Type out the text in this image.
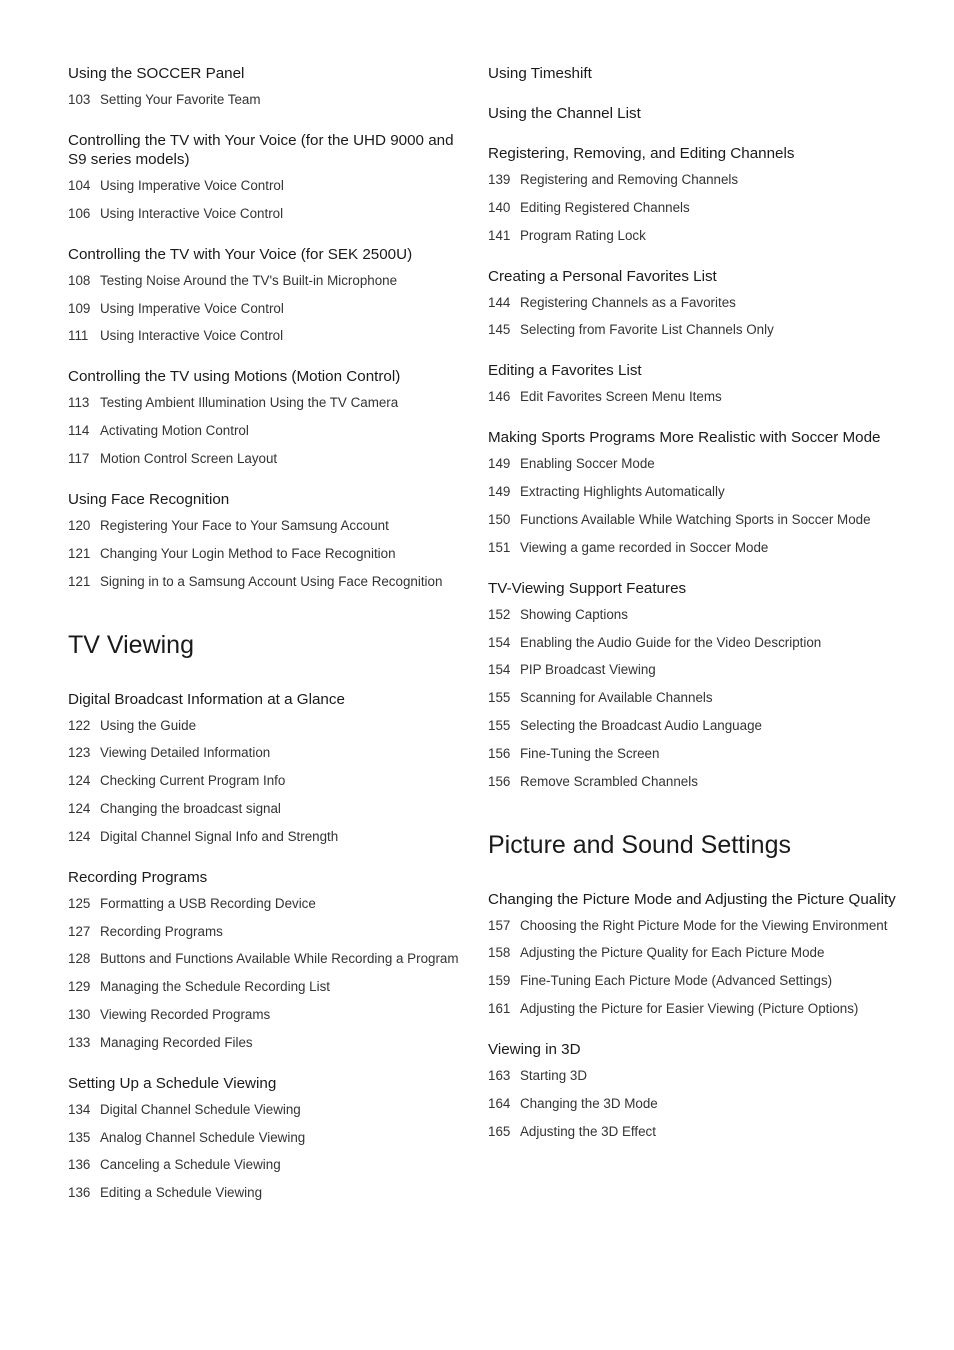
Using the SOCCER Panel
103 Setting Your Favorite Team
Controlling the TV with Your Voice (for the UHD 9000 and S9 series models)
104 Using Imperative Voice Control
106 Using Interactive Voice Control
Controlling the TV with Your Voice (for SEK 2500U)
108 Testing Noise Around the TV's Built-in Microphone
109 Using Imperative Voice Control
111 Using Interactive Voice Control
Controlling the TV using Motions (Motion Control)
113 Testing Ambient Illumination Using the TV Camera
114 Activating Motion Control
117 Motion Control Screen Layout
Using Face Recognition
120 Registering Your Face to Your Samsung Account
121 Changing Your Login Method to Face Recognition
121 Signing in to a Samsung Account Using Face Recognition
TV Viewing
Digital Broadcast Information at a Glance
122 Using the Guide
123 Viewing Detailed Information
124 Checking Current Program Info
124 Changing the broadcast signal
124 Digital Channel Signal Info and Strength
Recording Programs
125 Formatting a USB Recording Device
127 Recording Programs
128 Buttons and Functions Available While Recording a Program
129 Managing the Schedule Recording List
130 Viewing Recorded Programs
133 Managing Recorded Files
Setting Up a Schedule Viewing
134 Digital Channel Schedule Viewing
135 Analog Channel Schedule Viewing
136 Canceling a Schedule Viewing
136 Editing a Schedule Viewing
Using Timeshift
Using the Channel List
Registering, Removing, and Editing Channels
139 Registering and Removing Channels
140 Editing Registered Channels
141 Program Rating Lock
Creating a Personal Favorites List
144 Registering Channels as a Favorites
145 Selecting from Favorite List Channels Only
Editing a Favorites List
146 Edit Favorites Screen Menu Items
Making Sports Programs More Realistic with Soccer Mode
149 Enabling Soccer Mode
149 Extracting Highlights Automatically
150 Functions Available While Watching Sports in Soccer Mode
151 Viewing a game recorded in Soccer Mode
TV-Viewing Support Features
152 Showing Captions
154 Enabling the Audio Guide for the Video Description
154 PIP Broadcast Viewing
155 Scanning for Available Channels
155 Selecting the Broadcast Audio Language
156 Fine-Tuning the Screen
156 Remove Scrambled Channels
Picture and Sound Settings
Changing the Picture Mode and Adjusting the Picture Quality
157 Choosing the Right Picture Mode for the Viewing Environment
158 Adjusting the Picture Quality for Each Picture Mode
159 Fine-Tuning Each Picture Mode (Advanced Settings)
161 Adjusting the Picture for Easier Viewing (Picture Options)
Viewing in 3D
163 Starting 3D
164 Changing the 3D Mode
165 Adjusting the 3D Effect
